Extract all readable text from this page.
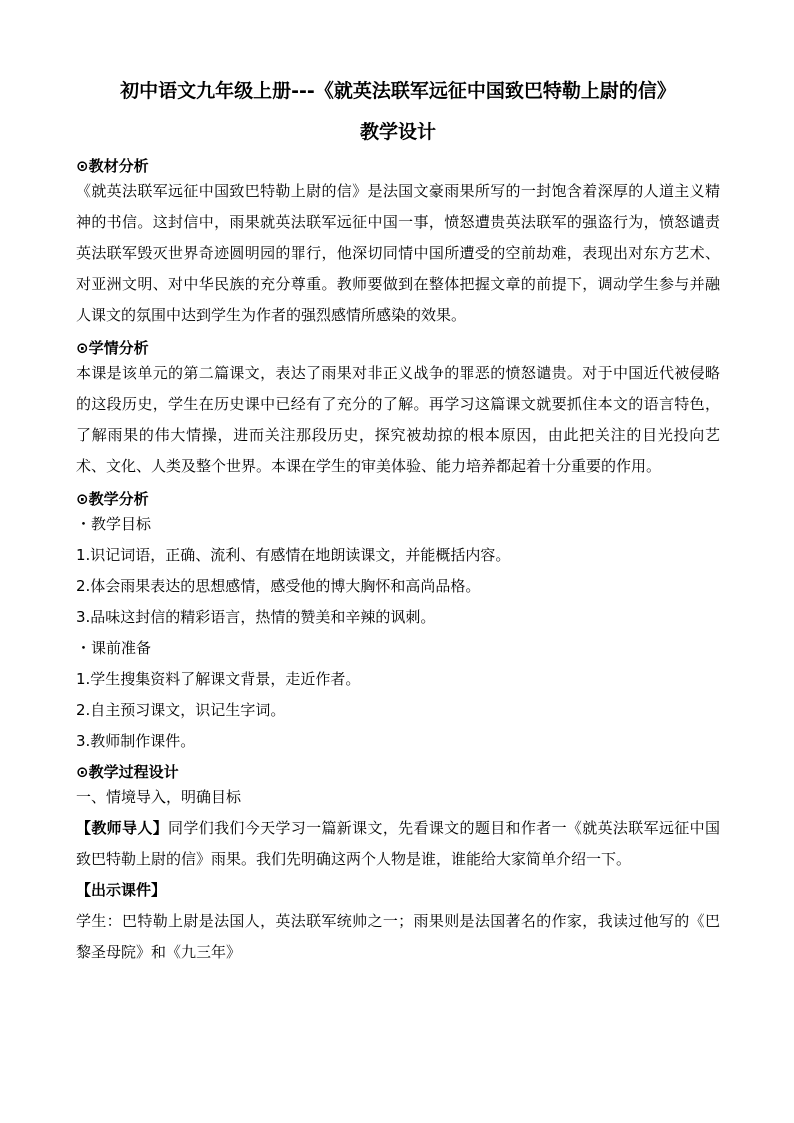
初中语文九年级上册---《就英法联军远征中国致巴特勒上尉的信》

教学设计

⊙教材分析

《就英法联军远征中国致巴特勒上尉的信》是法国文豪雨果所写的一封饱含着深厚的人道主义精神的书信。这封信中，雨果就英法联军远征中国一事，愤怒遭贵英法联军的强盗行为，愤怒谴责英法联军毁灭世界奇迹圆明园的罪行，他深切同情中国所遭受的空前劫难，表现出对东方艺术、对亚洲文明、对中华民族的充分尊重。教师要做到在整体把握文章的前提下，调动学生参与并融人课文的氛围中达到学生为作者的强烈感情所感染的效果。

⊙学情分析

本课是该单元的第二篇课文，表达了雨果对非正义战争的罪恶的愤怒谴贵。对于中国近代被侵略的这段历史，学生在历史课中已经有了充分的了解。再学习这篇课文就要抓住本文的语言特色，了解雨果的伟大情操，进而关注那段历史，探究被劫掠的根本原因，由此把关注的目光投向艺术、文化、人类及整个世界。本课在学生的审美体验、能力培养都起着十分重要的作用。

⊙教学分析

・教学目标

1.识记词语，正确、流利、有感情在地朗读课文，并能概括内容。

2.体会雨果表达的思想感情，感受他的博大胸怀和高尚品格。

3.品味这封信的精彩语言，热情的赞美和辛辣的讽刺。

・课前准备

1.学生搜集资料了解课文背景，走近作者。

2.自主预习课文，识记生字词。

3.教师制作课件。

⊙教学过程设计

一、情境导入，明确目标

【教师导人】同学们我们今天学习一篇新课文，先看课文的题目和作者一《就英法联军远征中国致巴特勒上尉的信》雨果。我们先明确这两个人物是谁，谁能给大家简单介绍一下。

【出示课件】

学生：巴特勒上尉是法国人，英法联军统帅之一；雨果则是法国著名的作家，我读过他写的《巴黎圣母院》和《九三年》
